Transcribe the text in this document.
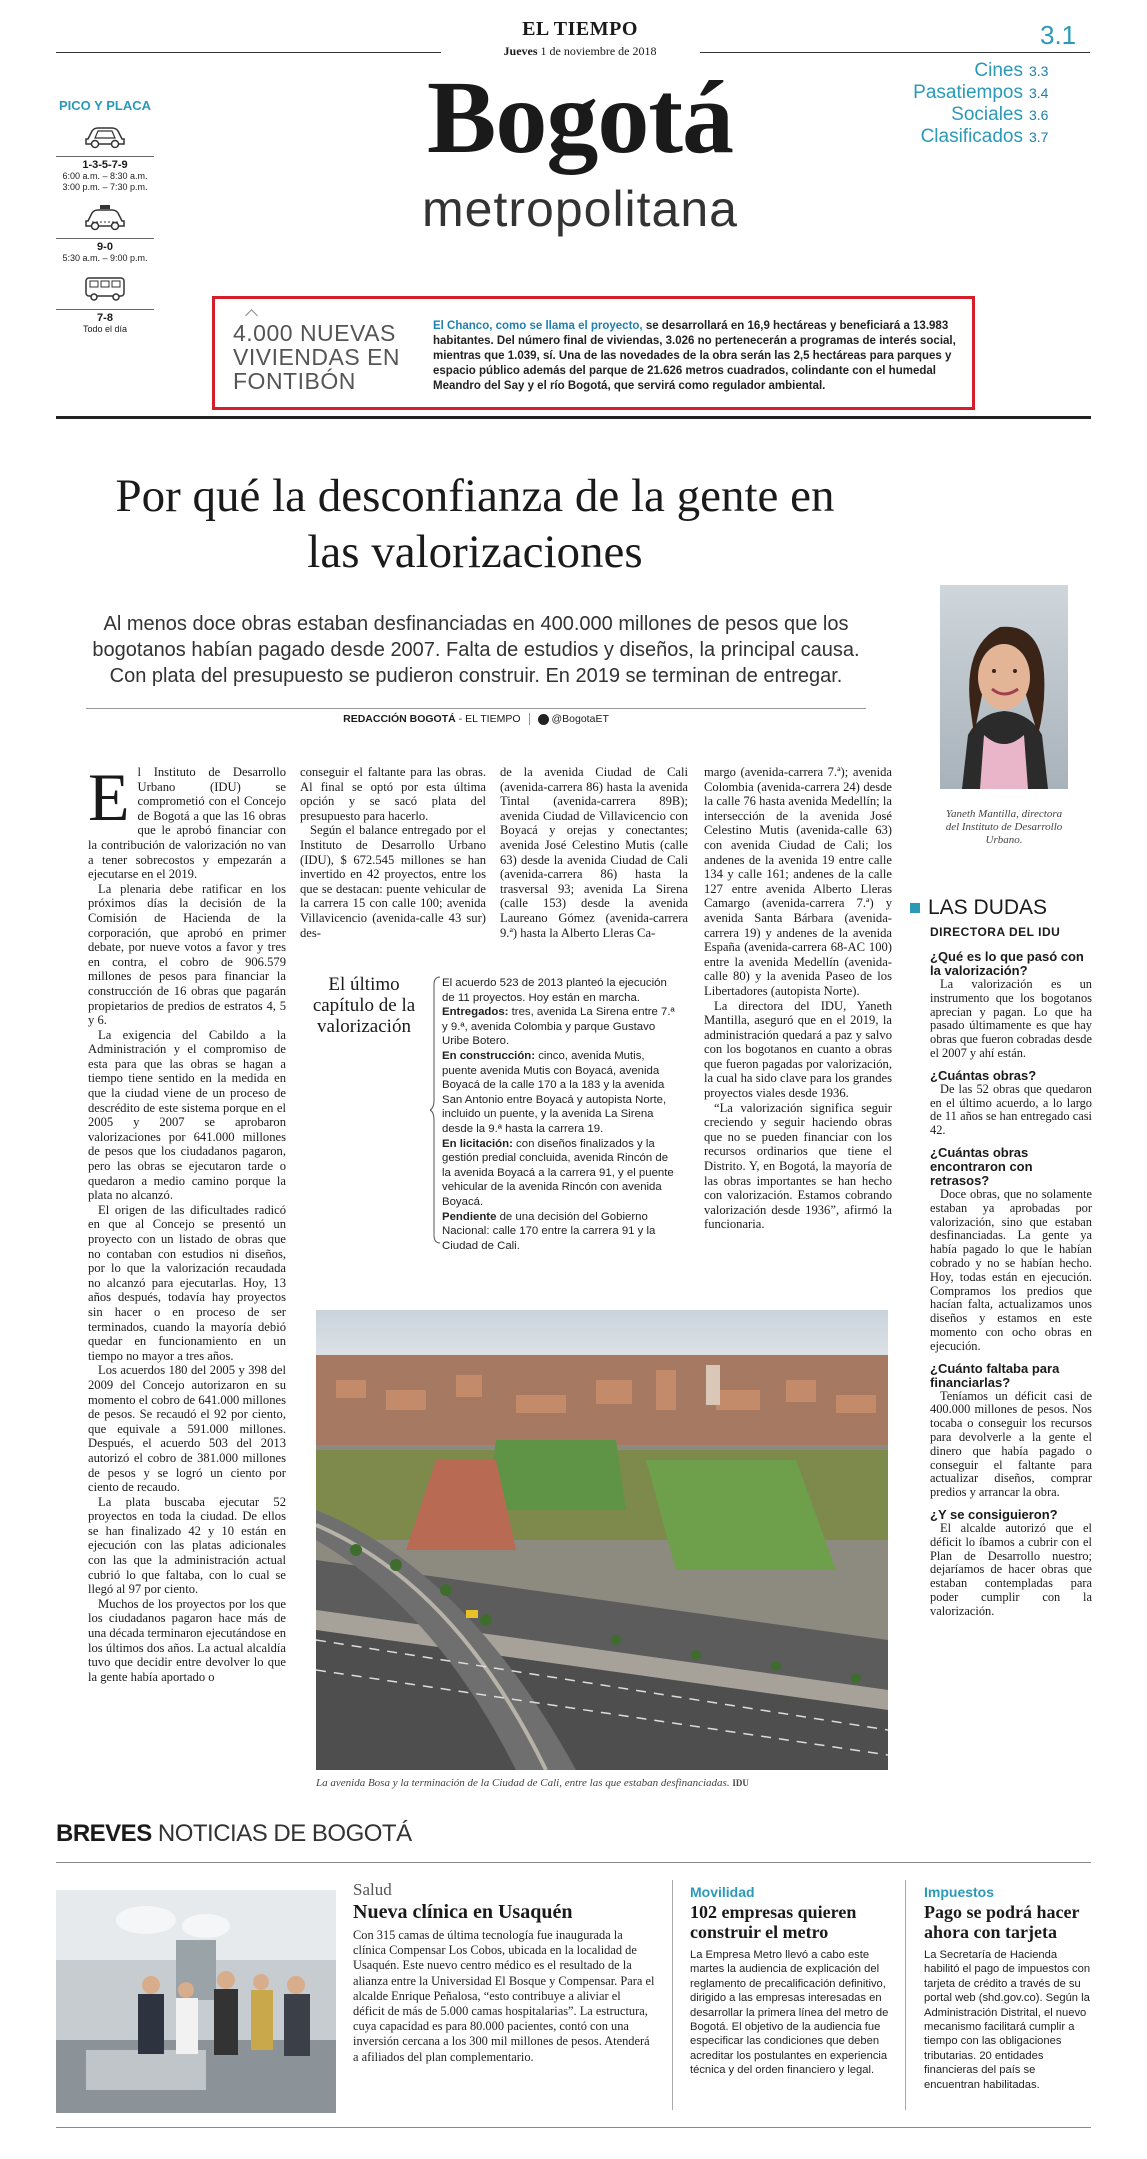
EL TIEMPO
Jueves 1 de noviembre de 2018
3.1
Bogotá
metropolitana
Cines 3.3
Pasatiempos 3.4
Sociales 3.6
Clasificados 3.7
PICO Y PLACA
1-3-5-7-9
6:00 a.m. – 8:30 a.m.
3:00 p.m. – 7:30 p.m.
9-0
5:30 a.m. – 9:00 p.m.
7-8
Todo el día	4.000 NUEVAS VIVIENDAS EN FONTIBÓN
El Chanco, como se llama el proyecto, se desarrollará en 16,9 hectáreas y beneficiará a 13.983 habitantes. Del número final de viviendas, 3.026 no pertenecerán a programas de interés social, mientras que 1.039, sí. Una de las novedades de la obra serán las 2,5 hectáreas para parques y espacio público además del parque de 21.626 metros cuadrados, colindante con el humedal Meandro del Say y el río Bogotá, que servirá como regulador ambiental.
Por qué la desconfianza de la gente en las valorizaciones
Al menos doce obras estaban desfinanciadas en 400.000 millones de pesos que los bogotanos habían pagado desde 2007. Falta de estudios y diseños, la principal causa. Con plata del presupuesto se pudieron construir. En 2019 se terminan de entregar.
REDACCIÓN BOGOTÁ - EL TIEMPO	@BogotaET
Yaneth Mantilla, directora del Instituto de Desarrollo Urbano.
E l Instituto de Desarrollo Urbano (IDU) se comprometió con el Concejo de Bogotá a que las 16 obras que le aprobó financiar con la contribución de valorización no van a tener sobrecostos y empezarán a ejecutarse en el 2019.

La plenaria debe ratificar en los próximos días la decisión de la Comisión de Hacienda de la corporación, que aprobó en primer debate, por nueve votos a favor y tres en contra, el cobro de 906.579 millones de pesos para financiar la construcción de 16 obras que pagarán propietarios de predios de estratos 4, 5 y 6.

La exigencia del Cabildo a la Administración y el compromiso de esta para que las obras se hagan a tiempo tiene sentido en la medida en que la ciudad viene de un proceso de descrédito de este sistema porque en el 2005 y 2007 se aprobaron valorizaciones por 641.000 millones de pesos que los ciudadanos pagaron, pero las obras se ejecutaron tarde o quedaron a medio camino porque la plata no alcanzó.

El origen de las dificultades radicó en que al Concejo se presentó un proyecto con un listado de obras que no contaban con estudios ni diseños, por lo que la valorización recaudada no alcanzó para ejecutarlas. Hoy, 13 años después, todavía hay proyectos sin hacer o en proceso de ser terminados, cuando la mayoría debió quedar en funcionamiento en un tiempo no mayor a tres años.

Los acuerdos 180 del 2005 y 398 del 2009 del Concejo autorizaron en su momento el cobro de 641.000 millones de pesos. Se recaudó el 92 por ciento, que equivale a 591.000 millones. Después, el acuerdo 503 del 2013 autorizó el cobro de 381.000 millones de pesos y se logró un ciento por ciento de recaudo.

La plata buscaba ejecutar 52 proyectos en toda la ciudad. De ellos se han finalizado 42 y 10 están en ejecución con las platas adicionales con las que la administración actual cubrió lo que faltaba, con lo cual se llegó al 97 por ciento.

Muchos de los proyectos por los que los ciudadanos pagaron hace más de una década terminaron ejecutándose en los últimos dos años. La actual alcaldía tuvo que decidir entre devolver lo que la gente había aportado o

conseguir el faltante para las obras. Al final se optó por esta última opción y se sacó plata del presupuesto para hacerlo.

Según el balance entregado por el Instituto de Desarrollo Urbano (IDU), $ 672.545 millones se han invertido en 42 proyectos, entre los que se destacan: puente vehicular de la carrera 15 con calle 100; avenida Villavicencio (avenida-calle 43 sur) des-

de la avenida Ciudad de Cali (avenida-carrera 86) hasta la avenida Tintal (avenida-carrera 89B); avenida Ciudad de Villavicencio con Boyacá y orejas y conectantes; avenida José Celestino Mutis (calle 63) desde la avenida Ciudad de Cali (avenida-carrera 86) hasta la trasversal 93; avenida La Sirena (calle 153) desde la avenida Laureano Gómez (avenida-carrera 9.ª) hasta la Alberto Lleras Ca-

margo (avenida-carrera 7.ª); avenida Colombia (avenida-carrera 24) desde la calle 76 hasta avenida Medellín; la intersección de la avenida José Celestino Mutis (avenida-calle 63) con avenida Ciudad de Cali; los andenes de la avenida 19 entre calle 134 y calle 161; andenes de la calle 127 entre avenida Alberto Lleras Camargo (avenida-carrera 7.ª) y avenida Santa Bárbara (avenida-carrera 19) y andenes de la avenida España (avenida-carrera 68-AC 100) entre la avenida Medellín (avenida-calle 80) y la avenida Paseo de los Libertadores (autopista Norte).

La directora del IDU, Yaneth Mantilla, aseguró que en el 2019, la administración quedará a paz y salvo con los bogotanos en cuanto a obras que fueron pagadas por valorización, la cual ha sido clave para los grandes proyectos viales desde 1936.

“La valorización significa seguir creciendo y seguir haciendo obras que no se pueden financiar con los recursos ordinarios que tiene el Distrito. Y, en Bogotá, la mayoría de las obras importantes se han hecho con valorización. Estamos cobrando valorización desde 1936”, afirmó la funcionaria.

El último capítulo de la valorización

El acuerdo 523 de 2013 planteó la ejecución de 11 proyectos. Hoy están en marcha.

Entregados: tres, avenida La Sirena entre 7.ª y 9.ª, avenida Colombia y parque Gustavo Uribe Botero.

En construcción: cinco, avenida Mutis, puente avenida Mutis con Boyacá, avenida Boyacá de la calle 170 a la 183 y la avenida San Antonio entre Boyacá y autopista Norte, incluido un puente, y la avenida La Sirena desde la 9.ª hasta la carrera 19.

En licitación: con diseños finalizados y la gestión predial concluida, avenida Rincón de la avenida Boyacá a la carrera 91, y el puente vehicular de la avenida Rincón con avenida Boyacá.

Pendiente de una decisión del Gobierno Nacional: calle 170 entre la carrera 91 y la Ciudad de Cali.

La avenida Bosa y la terminación de la Ciudad de Cali, entre las que estaban desfinanciadas. IDU
LAS DUDAS
DIRECTORA DEL IDU
¿Qué es lo que pasó con la valorización?
La valorización es un instrumento que los bogotanos aprecian y pagan. Lo que ha pasado últimamente es que hay obras que fueron cobradas desde el 2007 y ahí están.
¿Cuántas obras?
De las 52 obras que quedaron en el último acuerdo, a lo largo de 11 años se han entregado casi 42.
¿Cuántas obras encontraron con retrasos?
Doce obras, que no solamente estaban ya aprobadas por valorización, sino que estaban desfinanciadas. La gente ya había pagado lo que le habían cobrado y no se habían hecho. Hoy, todas están en ejecución. Compramos los predios que hacían falta, actualizamos unos diseños y estamos en este momento con ocho obras en ejecución.
¿Cuánto faltaba para financiarlas?
Teníamos un déficit casi de 400.000 millones de pesos. Nos tocaba o conseguir los recursos para devolverle a la gente el dinero que había pagado o conseguir el faltante para actualizar diseños, comprar predios y arrancar la obra.
¿Y se consiguieron?
El alcalde autorizó que el déficit lo íbamos a cubrir con el Plan de Desarrollo nuestro; dejaríamos de hacer obras que estaban contempladas para poder cumplir con la valorización.
BREVES NOTICIAS DE BOGOTÁ
Salud
Nueva clínica en Usaquén
Con 315 camas de última tecnología fue inaugurada la clínica Compensar Los Cobos, ubicada en la localidad de Usaquén. Este nuevo centro médico es el resultado de la alianza entre la Universidad El Bosque y Compensar. Para el alcalde Enrique Peñalosa, “esto contribuye a aliviar el déficit de más de 5.000 camas hospitalarias”. La estructura, cuya capacidad es para 80.000 pacientes, contó con una inversión cercana a los 300 mil millones de pesos. Atenderá a afiliados del plan complementario.
Movilidad
102 empresas quieren construir el metro
La Empresa Metro llevó a cabo este martes la audiencia de explicación del reglamento de precalificación definitivo, dirigido a las empresas interesadas en desarrollar la primera línea del metro de Bogotá. El objetivo de la audiencia fue especificar las condiciones que deben acreditar los postulantes en experiencia técnica y del orden financiero y legal.
Impuestos
Pago se podrá hacer ahora con tarjeta
La Secretaría de Hacienda habilitó el pago de impuestos con tarjeta de crédito a través de su portal web (shd.gov.co). Según la Administración Distrital, el nuevo mecanismo facilitará cumplir a tiempo con las obligaciones tributarias. 20 entidades financieras del país se encuentran habilitadas.
